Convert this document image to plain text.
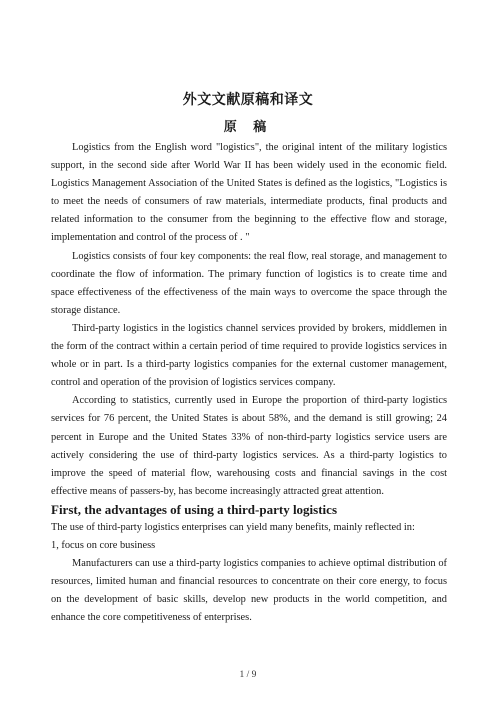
外文文献原稿和译文
原 稿

Logistics from the English word "logistics", the original intent of the military logistics support, in the second side after World War II has been widely used in the economic field. Logistics Management Association of the United States is defined as the logistics, "Logistics is to meet the needs of consumers of raw materials, intermediate products, final products and related information to the consumer from the beginning to the effective flow and storage, implementation and control of the process of . "

Logistics consists of four key components: the real flow, real storage, and management to coordinate the flow of information. The primary function of logistics is to create time and space effectiveness of the effectiveness of the main ways to overcome the space through the storage distance.

Third-party logistics in the logistics channel services provided by brokers, middlemen in the form of the contract within a certain period of time required to provide logistics services in whole or in part. Is a third-party logistics companies for the external customer management, control and operation of the provision of logistics services company.

According to statistics, currently used in Europe the proportion of third-party logistics services for 76 percent, the United States is about 58%, and the demand is still growing; 24 percent in Europe and the United States 33% of non-third-party logistics service users are actively considering the use of third-party logistics services. As a third-party logistics to improve the speed of material flow, warehousing costs and financial savings in the cost effective means of passers-by, has become increasingly attracted great attention.

First, the advantages of using a third-party logistics

The use of third-party logistics enterprises can yield many benefits, mainly reflected in:

1, focus on core business

Manufacturers can use a third-party logistics companies to achieve optimal distribution of resources, limited human and financial resources to concentrate on their core energy, to focus on the development of basic skills, develop new products in the world competition, and enhance the core competitiveness of enterprises.

1 / 9
